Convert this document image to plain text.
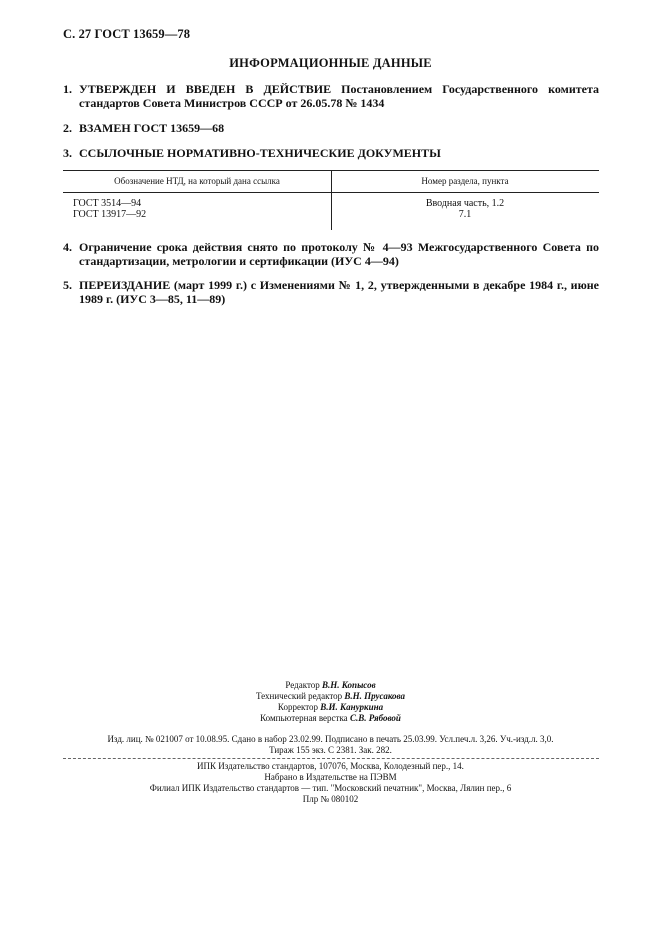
С. 27 ГОСТ 13659—78
ИНФОРМАЦИОННЫЕ ДАННЫЕ
1. УТВЕРЖДЕН И ВВЕДЕН В ДЕЙСТВИЕ Постановлением Государственного комитета стандартов Совета Министров СССР от 26.05.78 № 1434
2. ВЗАМЕН ГОСТ 13659—68
3. ССЫЛОЧНЫЕ НОРМАТИВНО-ТЕХНИЧЕСКИЕ ДОКУМЕНТЫ
Обозначение НТД, на который дана ссылка	Номер раздела, пункта
ГОСТ 3514—94	Вводная часть, 1.2
ГОСТ 13917—92	7.1
4. Ограничение срока действия снято по протоколу № 4—93 Межгосударственного Совета по стандартизации, метрологии и сертификации (ИУС 4—94)
5. ПЕРЕИЗДАНИЕ (март 1999 г.) с Изменениями № 1, 2, утвержденными в декабре 1984 г., июне 1989 г. (ИУС 3—85, 11—89)
Редактор В.Н. Копысов
Технический редактор В.Н. Прусакова
Корректор В.И. Кануркина
Компьютерная верстка С.В. Рябовой
Изд. лиц. № 021007 от 10.08.95. Сдано в набор 23.02.99. Подписано в печать 25.03.99. Усл.печ.л. 3,26. Уч.-изд.л. 3,0.
Тираж 155 экз. С 2381. Зак. 282.
ИПК Издательство стандартов, 107076, Москва, Колодезный пер., 14.
Набрано в Издательстве на ПЭВМ
Филиал ИПК Издательство стандартов — тип. "Московский печатник", Москва, Лялин пер., 6
Плр № 080102
